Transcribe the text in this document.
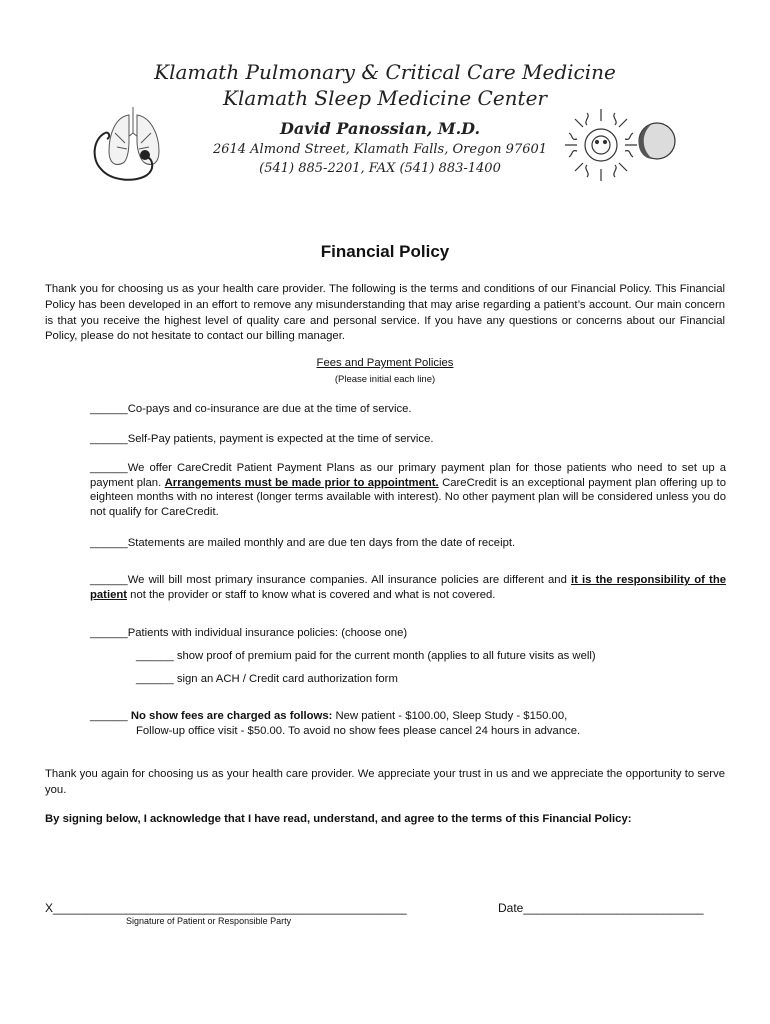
Klamath Pulmonary & Critical Care Medicine
Klamath Sleep Medicine Center
David Panossian, M.D.
2614 Almond Street, Klamath Falls, Oregon 97601
(541) 885-2201, FAX (541) 883-1400
Financial Policy
Thank you for choosing us as your health care provider. The following is the terms and conditions of our Financial Policy. This Financial Policy has been developed in an effort to remove any misunderstanding that may arise regarding a patient’s account. Our main concern is that you receive the highest level of quality care and personal service. If you have any questions or concerns about our Financial Policy, please do not hesitate to contact our billing manager.
Fees and Payment Policies
(Please initial each line)
______Co-pays and co-insurance are due at the time of service.
______Self-Pay patients, payment is expected at the time of service.
______We offer CareCredit Patient Payment Plans as our primary payment plan for those patients who need to set up a payment plan. Arrangements must be made prior to appointment. CareCredit is an exceptional payment plan offering up to eighteen months with no interest (longer terms available with interest). No other payment plan will be considered unless you do not qualify for CareCredit.
______Statements are mailed monthly and are due ten days from the date of receipt.
______We will bill most primary insurance companies. All insurance policies are different and it is the responsibility of the patient not the provider or staff to know what is covered and what is not covered.
______Patients with individual insurance policies: (choose one)
______ show proof of premium paid for the current month (applies to all future visits as well)
______ sign an ACH / Credit card authorization form
______ No show fees are charged as follows: New patient - $100.00, Sleep Study - $150.00,
Follow-up office visit - $50.00. To avoid no show fees please cancel 24 hours in advance.
Thank you again for choosing us as your health care provider. We appreciate your trust in us and we appreciate the opportunity to serve you.
By signing below, I acknowledge that I have read, understand, and agree to the terms of this Financial Policy:
X_____________________________________________________
Signature of Patient or Responsible Party
Date___________________________
